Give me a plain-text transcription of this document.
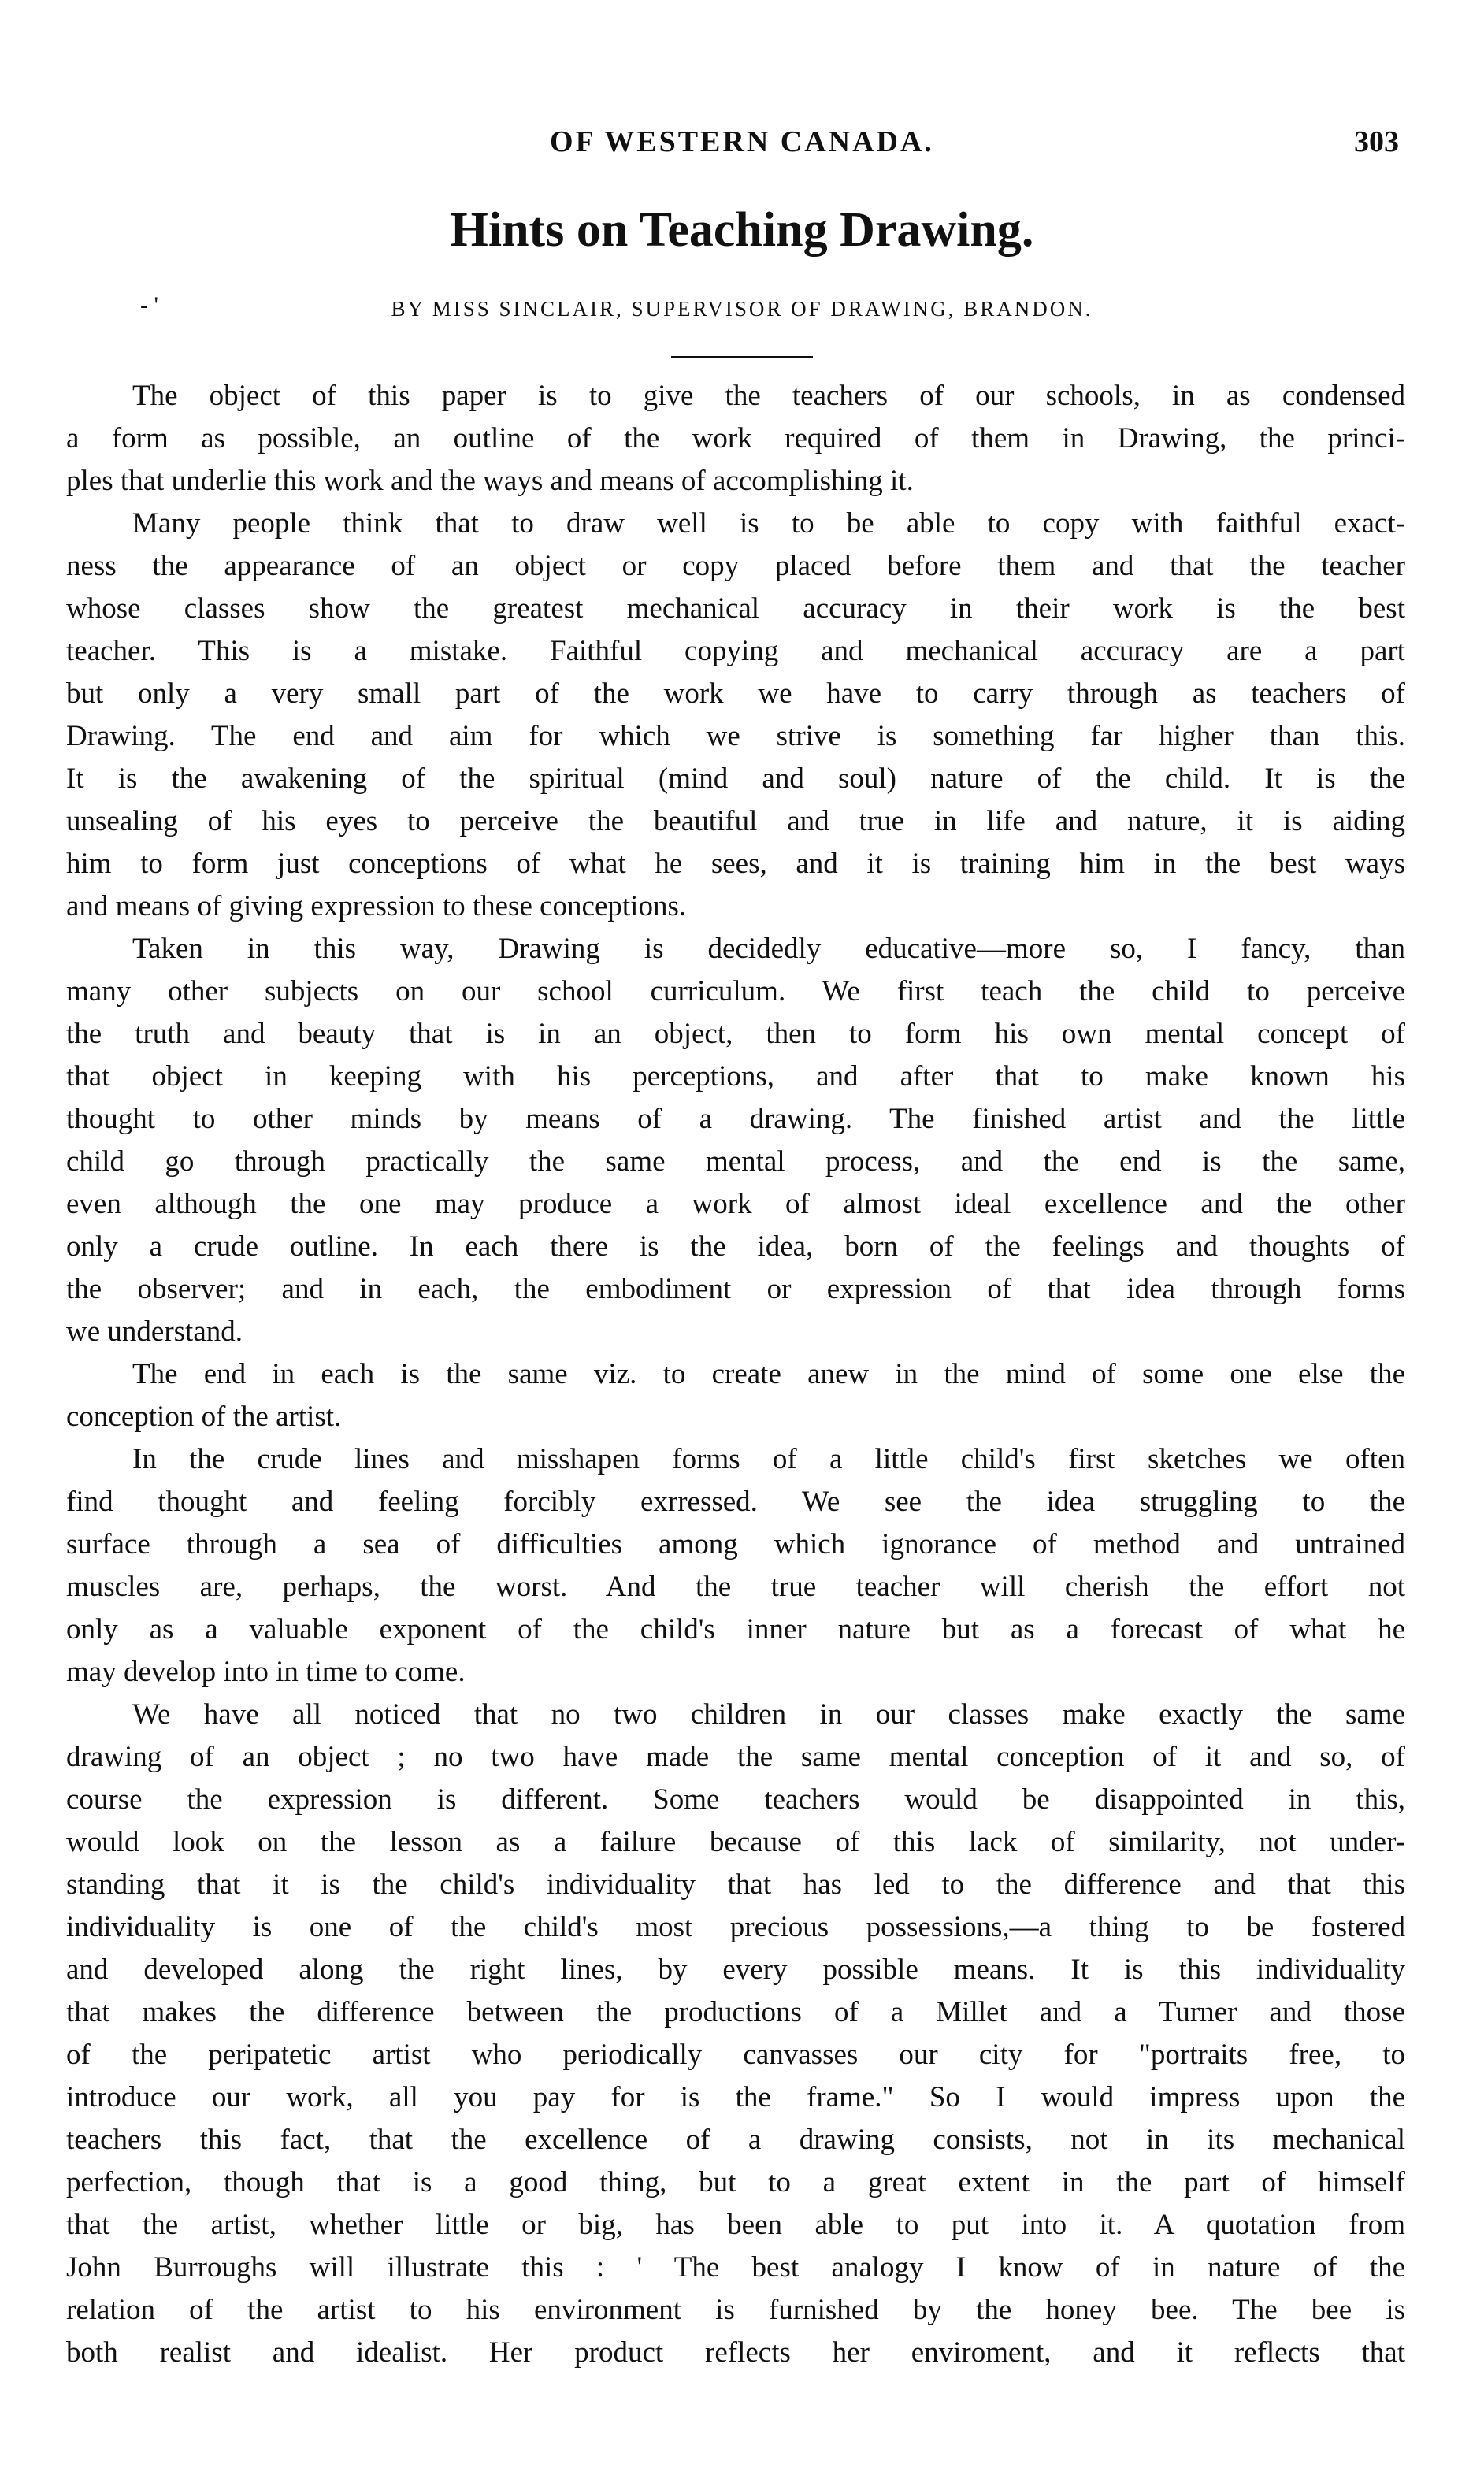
OF WESTERN CANADA.	303
Hints on Teaching Drawing.
- '	BY MISS SINCLAIR, SUPERVISOR OF DRAWING, BRANDON.
The object of this paper is to give the teachers of our schools, in as condensed
a form as possible, an outline of the work required of them in Drawing, the princi-
ples that underlie this work and the ways and means of accomplishing it.
Many people think that to draw well is to be able to copy with faithful exact-
ness the appearance of an object or copy placed before them and that the teacher
whose classes show the greatest mechanical accuracy in their work is the best
teacher. This is a mistake. Faithful copying and mechanical accuracy are a part
but only a very small part of the work we have to carry through as teachers of
Drawing. The end and aim for which we strive is something far higher than this.
It is the awakening of the spiritual (mind and soul) nature of the child. It is the
unsealing of his eyes to perceive the beautiful and true in life and nature, it is aiding
him to form just conceptions of what he sees, and it is training him in the best ways
and means of giving expression to these conceptions.
Taken in this way, Drawing is decidedly educative—more so, I fancy, than
many other subjects on our school curriculum. We first teach the child to perceive
the truth and beauty that is in an object, then to form his own mental concept of
that object in keeping with his perceptions, and after that to make known his
thought to other minds by means of a drawing. The finished artist and the little
child go through practically the same mental process, and the end is the same,
even although the one may produce a work of almost ideal excellence and the other
only a crude outline. In each there is the idea, born of the feelings and thoughts of
the observer; and in each, the embodiment or expression of that idea through forms
we understand.
The end in each is the same viz. to create anew in the mind of some one else the
conception of the artist.
In the crude lines and misshapen forms of a little child's first sketches we often
find thought and feeling forcibly exrressed. We see the idea struggling to the
surface through a sea of difficulties among which ignorance of method and untrained
muscles are, perhaps, the worst. And the true teacher will cherish the effort not
only as a valuable exponent of the child's inner nature but as a forecast of what he
may develop into in time to come.
We have all noticed that no two children in our classes make exactly the same
drawing of an object ; no two have made the same mental conception of it and so, of
course the expression is different. Some teachers would be disappointed in this,
would look on the lesson as a failure because of this lack of similarity, not under-
standing that it is the child's individuality that has led to the difference and that this
individuality is one of the child's most precious possessions,—a thing to be fostered
and developed along the right lines, by every possible means. It is this individuality
that makes the difference between the productions of a Millet and a Turner and those
of the peripatetic artist who periodically canvasses our city for "portraits free, to
introduce our work, all you pay for is the frame." So I would impress upon the
teachers this fact, that the excellence of a drawing consists, not in its mechanical
perfection, though that is a good thing, but to a great extent in the part of himself
that the artist, whether little or big, has been able to put into it. A quotation from
John Burroughs will illustrate this : ' The best analogy I know of in nature of the
relation of the artist to his environment is furnished by the honey bee. The bee is
both realist and idealist. Her product reflects her enviroment, and it reflects that
